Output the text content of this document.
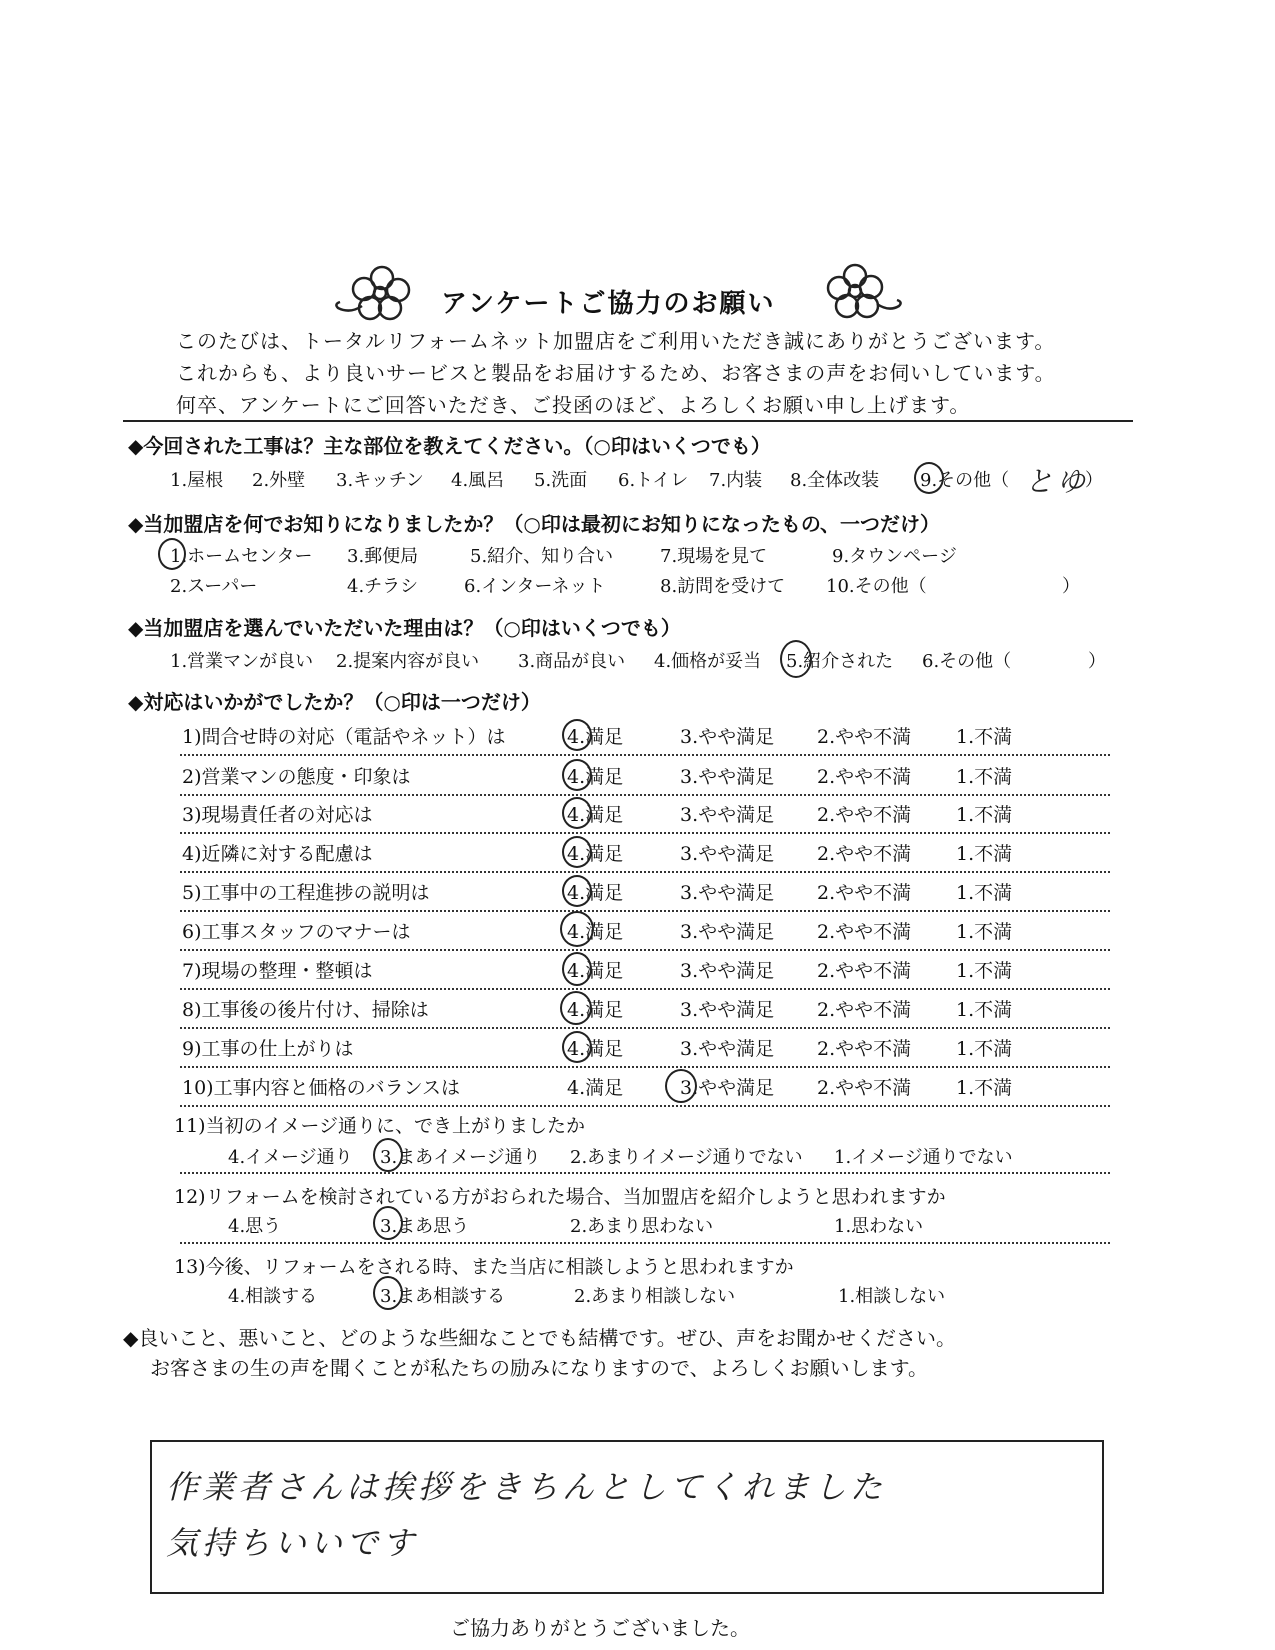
アンケートご協力のお願い
このたびは、トータルリフォームネット加盟店をご利用いただき誠にありがとうございます。
これからも、より良いサービスと製品をお届けするため、お客さまの声をお伺いしています。
何卒、アンケートにご回答いただき、ご投函のほど、よろしくお願い申し上げます。
◆今回された工事は？主な部位を教えてください。（○印はいくつでも）
1.屋根 2.外壁 3.キッチン 4.風呂 5.洗面 6.トイレ 7.内装 8.全体改装 9.その他（ とゆ
）
◆当加盟店を何でお知りになりましたか？（○印は最初にお知りになったもの、一つだけ）
1.ホームセンター 3.郵便局	5.紹介、知り合い	7.現場を見て	9.タウンページ
2.スーパー	4.チラシ	6.インターネット	8.訪問を受けて 10.その他（	）
◆当加盟店を選んでいただいた理由は？（○印はいくつでも）
1.営業マンが良い 2.提案内容が良い 3.商品が良い 4.価格が妥当 5.紹介された 6.その他（	）
◆対応はいかがでしたか？（○印は一つだけ）
1)問合せ時の対応（電話やネット）は	4.満足	3.やや満足 2.やや不満 1.不満
2)営業マンの態度・印象は	4.満足	3.やや満足 2.やや不満 1.不満
3)現場責任者の対応は	4.満足	3.やや満足 2.やや不満 1.不満
4)近隣に対する配慮は	4.満足	3.やや満足 2.やや不満 1.不満
5)工事中の工程進捗の説明は	4.満足	3.やや満足 2.やや不満 1.不満
6)工事スタッフのマナーは	4.満足	3.やや満足 2.やや不満 1.不満
7)現場の整理・整頓は	4.満足	3.やや満足 2.やや不満 1.不満
8)工事後の後片付け、掃除は	4.満足	3.やや満足 2.やや不満 1.不満
9)工事の仕上がりは	4.満足	3.やや満足 2.やや不満 1.不満
10)工事内容と価格のバランスは	4.満足	3.やや満足 2.やや不満 1.不満
11)当初のイメージ通りに、でき上がりましたか
4.イメージ通り 3.まあイメージ通り 2.あまりイメージ通りでない 1.イメージ通りでない
12)リフォームを検討されている方がおられた場合、当加盟店を紹介しようと思われますか
4.思う	3.まあ思う	2.あまり思わない	1.思わない
13)今後、リフォームをされる時、また当店に相談しようと思われますか
4.相談する	3.まあ相談する	2.あまり相談しない	1.相談しない
◆良いこと、悪いこと、どのような些細なことでも結構です。ぜひ、声をお聞かせください。
お客さまの生の声を聞くことが私たちの励みになりますので、よろしくお願いします。
作業者さんは挨拶をきちんとしてくれました
気持ちいいです
ご協力ありがとうございました。
